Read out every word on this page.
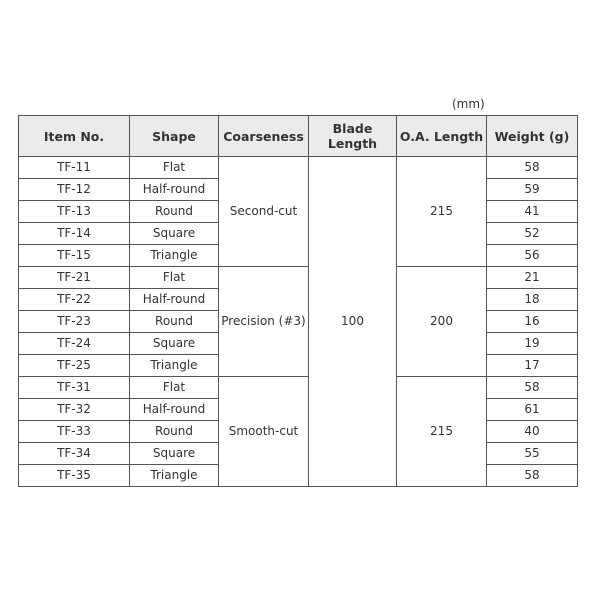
(mm)
Item No.	Shape	Coarseness	Blade
Length	O.A. Length	Weight (g)
TF-11	Flat	Second-cut	100	215	58
TF-12	Half-round				59
TF-13	Round				41
TF-14	Square				52
TF-15	Triangle				56
TF-21	Flat	Precision (#3)		200	21
TF-22	Half-round				18
TF-23	Round				16
TF-24	Square				19
TF-25	Triangle				17
TF-31	Flat	Smooth-cut		215	58
TF-32	Half-round				61
TF-33	Round				40
TF-34	Square				55
TF-35	Triangle				58
